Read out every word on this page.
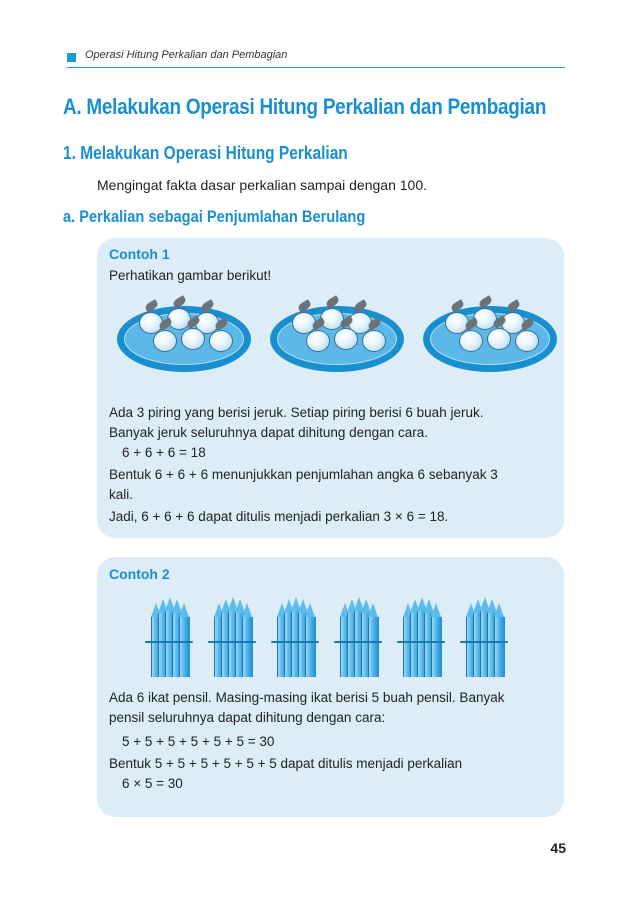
Operasi Hitung Perkalian dan Pembagian
A. Melakukan Operasi Hitung Perkalian dan Pembagian
1. Melakukan Operasi Hitung Perkalian
Mengingat fakta dasar perkalian sampai dengan 100.
a. Perkalian sebagai Penjumlahan Berulang
Contoh 1
Perhatikan gambar berikut!
Ada 3 piring yang berisi jeruk. Setiap piring berisi 6 buah jeruk.
Banyak jeruk seluruhnya dapat dihitung dengan cara.
6 + 6 + 6 = 18
Bentuk 6 + 6 + 6 menunjukkan penjumlahan angka 6 sebanyak 3
kali.
Jadi, 6 + 6 + 6 dapat ditulis menjadi perkalian 3 × 6 = 18.
Contoh 2
Ada 6 ikat pensil. Masing-masing ikat berisi 5 buah pensil. Banyak
pensil seluruhnya dapat dihitung dengan cara:
5 + 5 + 5 + 5 + 5 + 5 = 30
Bentuk 5 + 5 + 5 + 5 + 5 + 5 dapat ditulis menjadi perkalian
6 × 5 = 30
45
